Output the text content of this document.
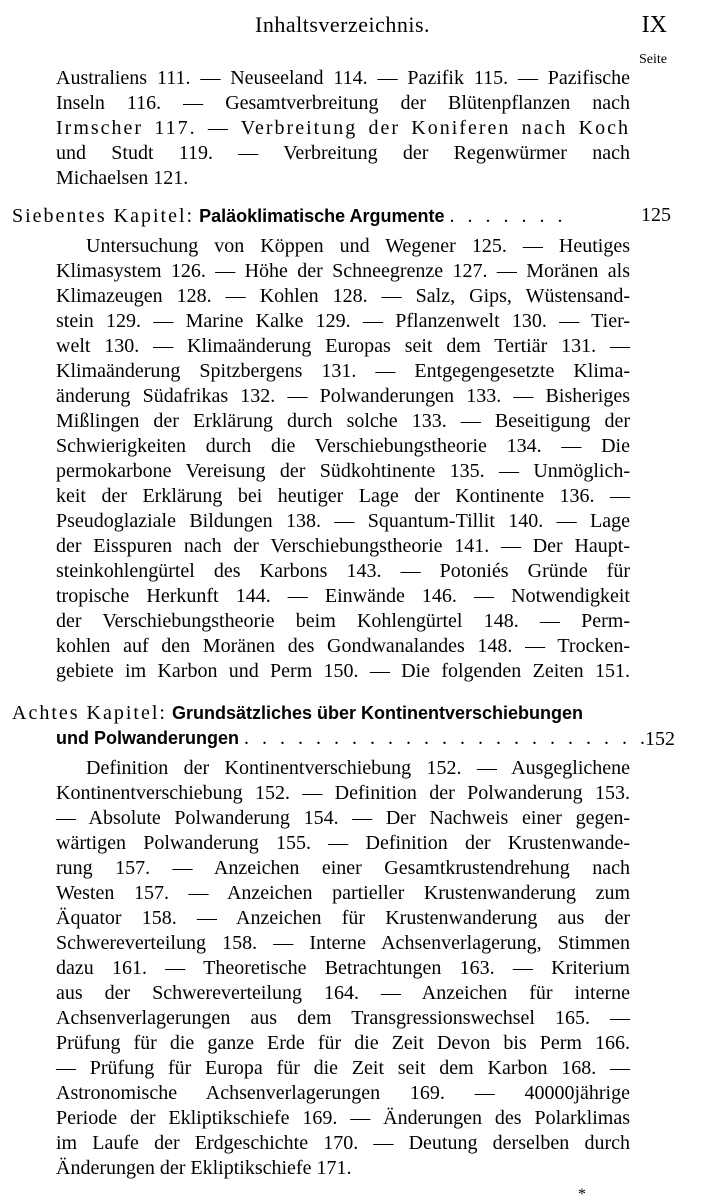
Inhaltsverzeichnis.	IX
Seite
Australiens 111. — Neuseeland 114. — Pazifik 115. — Pazifische
Inseln 116. — Gesamtverbreitung der Blütenpflanzen nach
Irmscher 117. — Verbreitung der Koniferen nach Koch
und Studt 119. — Verbreitung der Regenwürmer nach
Michaelsen 121.
Siebentes Kapitel: Paläoklimatische Argumente . . . . . . .	125
Untersuchung von Köppen und Wegener 125. — Heutiges
Klimasystem 126. — Höhe der Schneegrenze 127. — Moränen als
Klimazeugen 128. — Kohlen 128. — Salz, Gips, Wüstensand-
stein 129. — Marine Kalke 129. — Pflanzenwelt 130. — Tier-
welt 130. — Klimaänderung Europas seit dem Tertiär 131. —
Klimaänderung Spitzbergens 131. — Entgegengesetzte Klima-
änderung Südafrikas 132. — Polwanderungen 133. — Bisheriges
Mißlingen der Erklärung durch solche 133. — Beseitigung der
Schwierigkeiten durch die Verschiebungstheorie 134. — Die
permokarbone Vereisung der Südkohtinente 135. — Unmöglich-
keit der Erklärung bei heutiger Lage der Kontinente 136. —
Pseudoglaziale Bildungen 138. — Squantum-Tillit 140. — Lage
der Eisspuren nach der Verschiebungstheorie 141. — Der Haupt-
steinkohlengürtel des Karbons 143. — Potoniés Gründe für
tropische Herkunft 144. — Einwände 146. — Notwendigkeit
der Verschiebungstheorie beim Kohlengürtel 148. — Perm-
kohlen auf den Moränen des Gondwanalandes 148. — Trocken-
gebiete im Karbon und Perm 150. — Die folgenden Zeiten 151.
Achtes Kapitel: Grundsätzliches über Kontinentverschiebungen
und Polwanderungen . . . . . . . . . . . . . . . . . . . . . . .
152
Definition der Kontinentverschiebung 152. — Ausgeglichene
Kontinentverschiebung 152. — Definition der Polwanderung 153.
— Absolute Polwanderung 154. — Der Nachweis einer gegen-
wärtigen Polwanderung 155. — Definition der Krustenwande-
rung 157. — Anzeichen einer Gesamtkrustendrehung nach
Westen 157. — Anzeichen partieller Krustenwanderung zum
Äquator 158. — Anzeichen für Krustenwanderung aus der
Schwereverteilung 158. — Interne Achsenverlagerung, Stimmen
dazu 161. — Theoretische Betrachtungen 163. — Kriterium
aus der Schwereverteilung 164. — Anzeichen für interne
Achsenverlagerungen aus dem Transgressionswechsel 165. —
Prüfung für die ganze Erde für die Zeit Devon bis Perm 166.
— Prüfung für Europa für die Zeit seit dem Karbon 168. —
Astronomische Achsenverlagerungen 169. — 40000jährige
Periode der Ekliptikschiefe 169. — Änderungen des Polarklimas
im Laufe der Erdgeschichte 170. — Deutung derselben durch
Änderungen der Ekliptikschiefe 171.
*
